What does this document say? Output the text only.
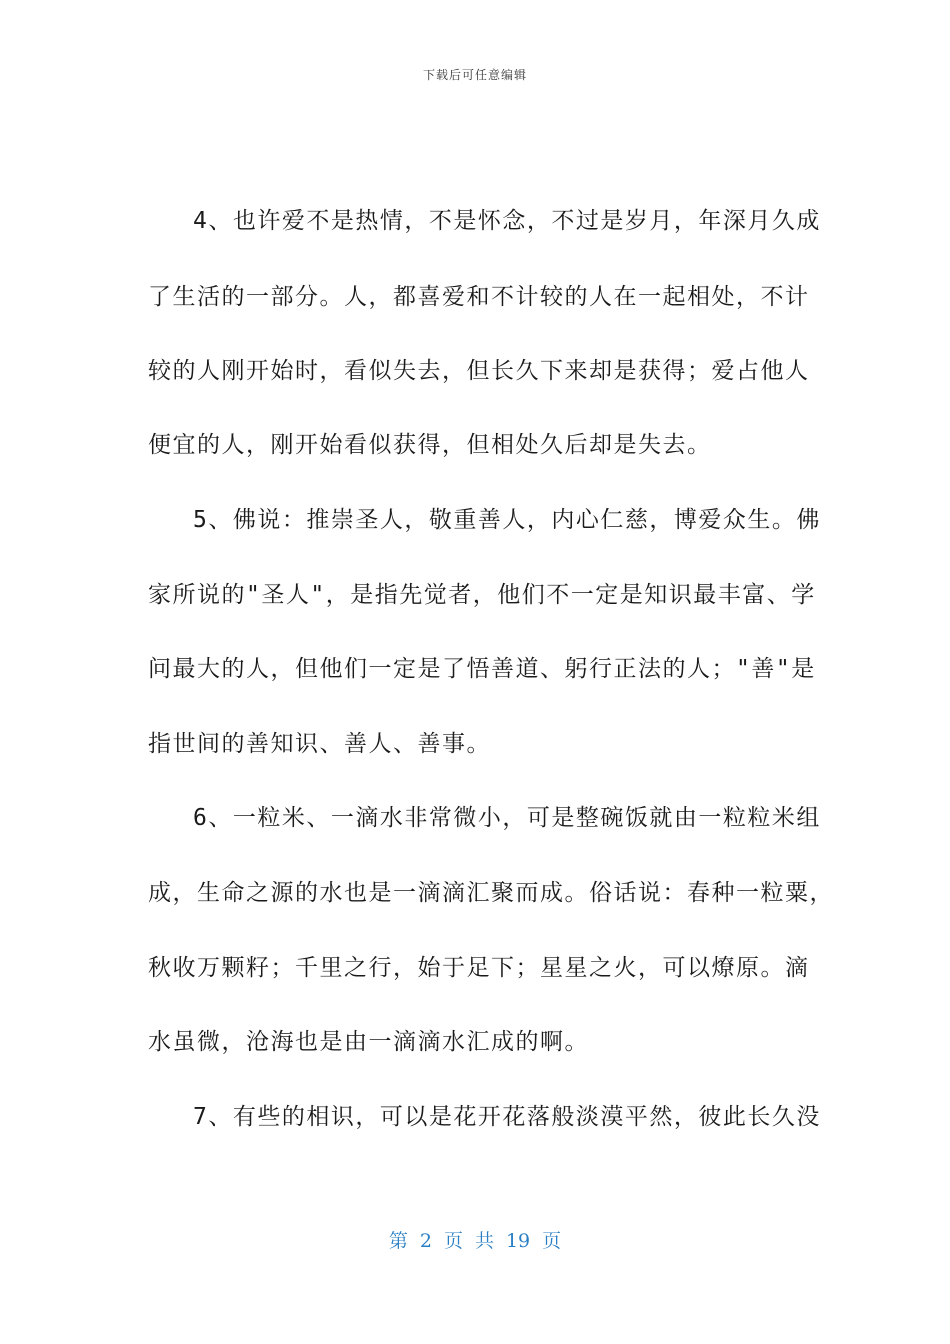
下载后可任意编辑
4、也许爱不是热情，不是怀念，不过是岁月，年深月久成
了生活的一部分。人，都喜爱和不计较的人在一起相处，不计
较的人刚开始时，看似失去，但长久下来却是获得；爱占他人
便宜的人，刚开始看似获得，但相处久后却是失去。
5、佛说：推崇圣人，敬重善人，内心仁慈，博爱众生。佛
家所说的"圣人"，是指先觉者，他们不一定是知识最丰富、学
问最大的人，但他们一定是了悟善道、躬行正法的人；"善"是
指世间的善知识、善人、善事。
6、一粒米、一滴水非常微小，可是整碗饭就由一粒粒米组
成，生命之源的水也是一滴滴汇聚而成。俗话说：春种一粒粟，
秋收万颗籽；千里之行，始于足下；星星之火，可以燎原。滴
水虽微，沧海也是由一滴滴水汇成的啊。
7、有些的相识，可以是花开花落般淡漠平然，彼此长久没
第 2 页 共 19 页
